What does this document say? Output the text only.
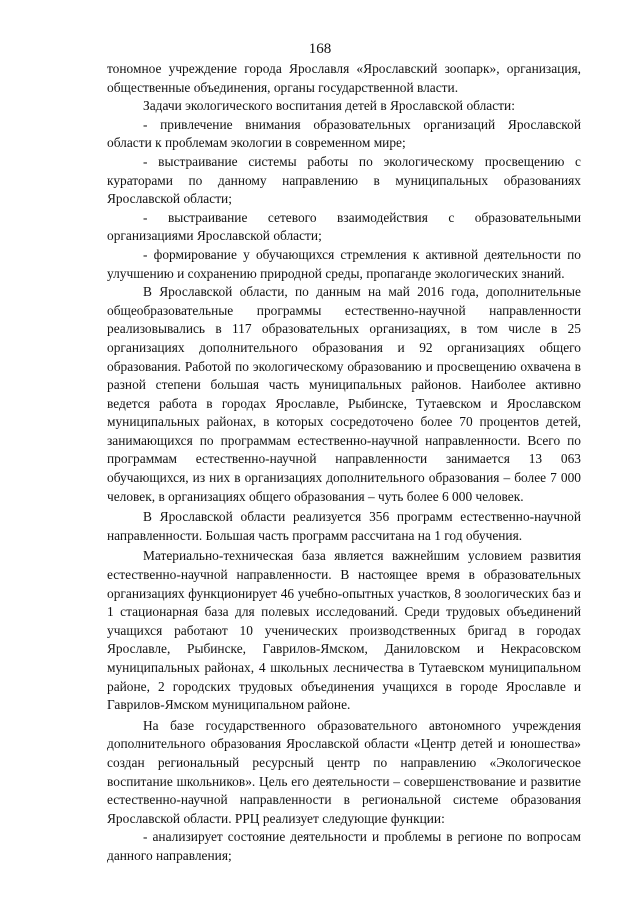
168

тономное учреждение города Ярославля «Ярославский зоопарк», организация, общественные объединения, органы государственной власти.

Задачи экологического воспитания детей в Ярославской области:

- привлечение внимания образовательных организаций Ярославской области к проблемам экологии в современном мире;

- выстраивание системы работы по экологическому просвещению с кураторами по данному направлению в муниципальных образованиях Ярославской области;

- выстраивание сетевого взаимодействия с образовательными организациями Ярославской области;

- формирование у обучающихся стремления к активной деятельности по улучшению и сохранению природной среды, пропаганде экологических знаний.

В Ярославской области, по данным на май 2016 года, дополнительные общеобразовательные программы естественно-научной направленности реализовывались в 117 образовательных организациях, в том числе в 25 организациях дополнительного образования и 92 организациях общего образования. Работой по экологическому образованию и просвещению охвачена в разной степени большая часть муниципальных районов. Наиболее активно ведется работа в городах Ярославле, Рыбинске, Тутаевском и Ярославском муниципальных районах, в которых сосредоточено более 70 процентов детей, занимающихся по программам естественно-научной направленности. Всего по программам естественно-научной направленности занимается 13 063 обучающихся, из них в организациях дополнительного образования – более 7 000 человек, в организациях общего образования – чуть более 6 000 человек.

В Ярославской области реализуется 356 программ естественно-научной направленности. Большая часть программ рассчитана на 1 год обучения.

Материально-техническая база является важнейшим условием развития естественно-научной направленности. В настоящее время в образовательных организациях функционирует 46 учебно-опытных участков, 8 зоологических баз и 1 стационарная база для полевых исследований. Среди трудовых объединений учащихся работают 10 ученических производственных бригад в городах Ярославле, Рыбинске, Гаврилов-Ямском, Даниловском и Некрасовском муниципальных районах, 4 школьных лесничества в Тутаевском муниципальном районе, 2 городских трудовых объединения учащихся в городе Ярославле и Гаврилов-Ямском муниципальном районе.

На базе государственного образовательного автономного учреждения дополнительного образования Ярославской области «Центр детей и юношества» создан региональный ресурсный центр по направлению «Экологическое воспитание школьников». Цель его деятельности – совершенствование и развитие естественно-научной направленности в региональной системе образования Ярославской области. РРЦ реализует следующие функции:

- анализирует состояние деятельности и проблемы в регионе по вопросам данного направления;
